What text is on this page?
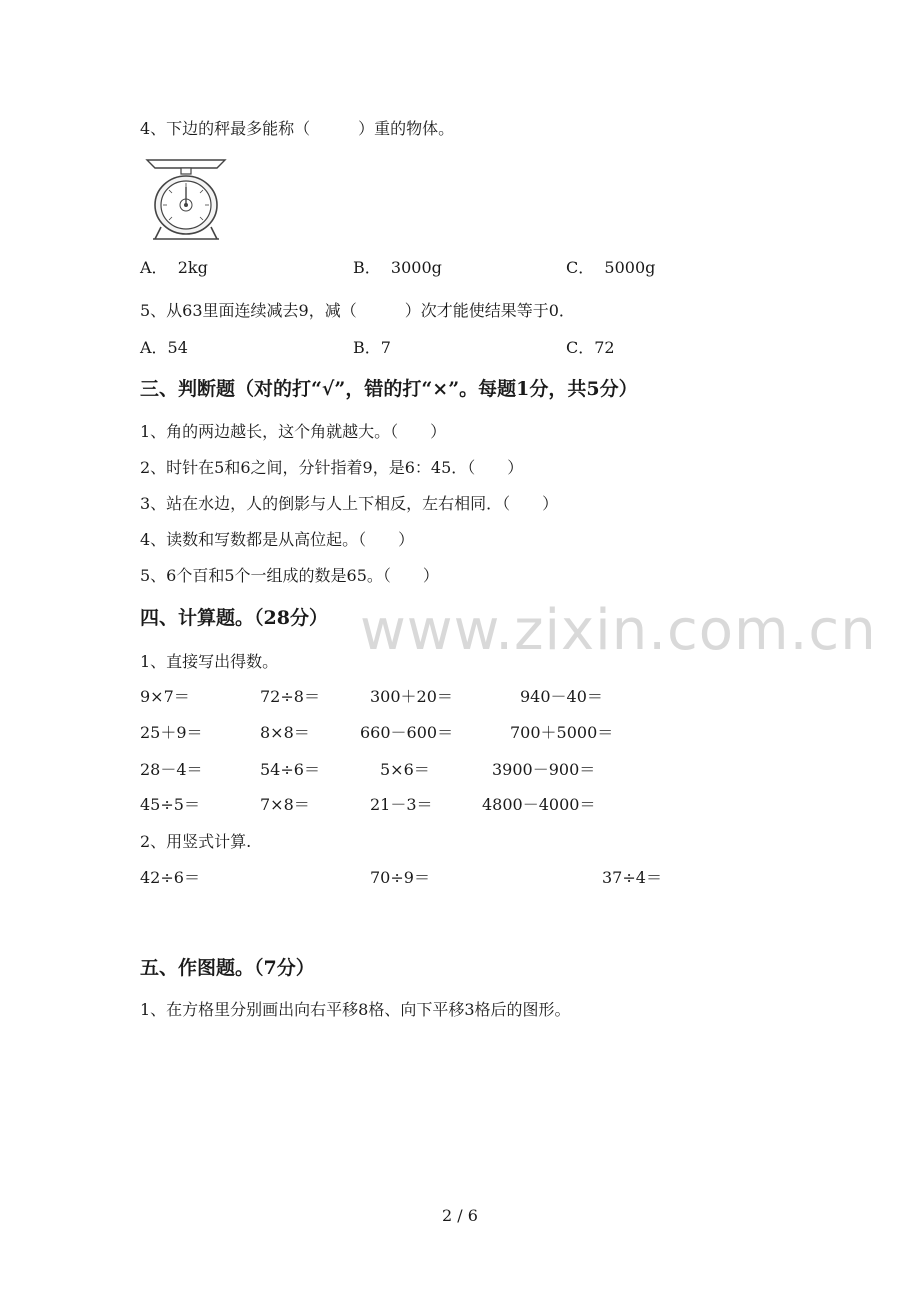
www.zixin.com.cn
4、下边的秤最多能称（　　　）重的物体。
A．  2kg	B．  3000g	C．  5000g
5、从63里面连续减去9，减（　　　）次才能使结果等于0．
A．54	B．7	C．72
三、判断题（对的打“√”，错的打“×”。每题1分，共5分）
1、角的两边越长，这个角就越大。（　　）
2、时针在5和6之间，分针指着9，是6：45．（　　）
3、站在水边，人的倒影与人上下相反，左右相同．（　　）
4、读数和写数都是从高位起。（　　）
5、6个百和5个一组成的数是65。（　　）
四、计算题。（28分）
1、直接写出得数。
9×7＝	72÷8＝	300＋20＝	940－40＝
25＋9＝	8×8＝	660－600＝	700＋5000＝
28－4＝	54÷6＝	5×6＝	3900－900＝
45÷5＝	7×8＝	21－3＝	4800－4000＝
2、用竖式计算.
42÷6＝	70÷9＝	37÷4＝
五、作图题。（7分）
1、在方格里分别画出向右平移8格、向下平移3格后的图形。
2 / 6
